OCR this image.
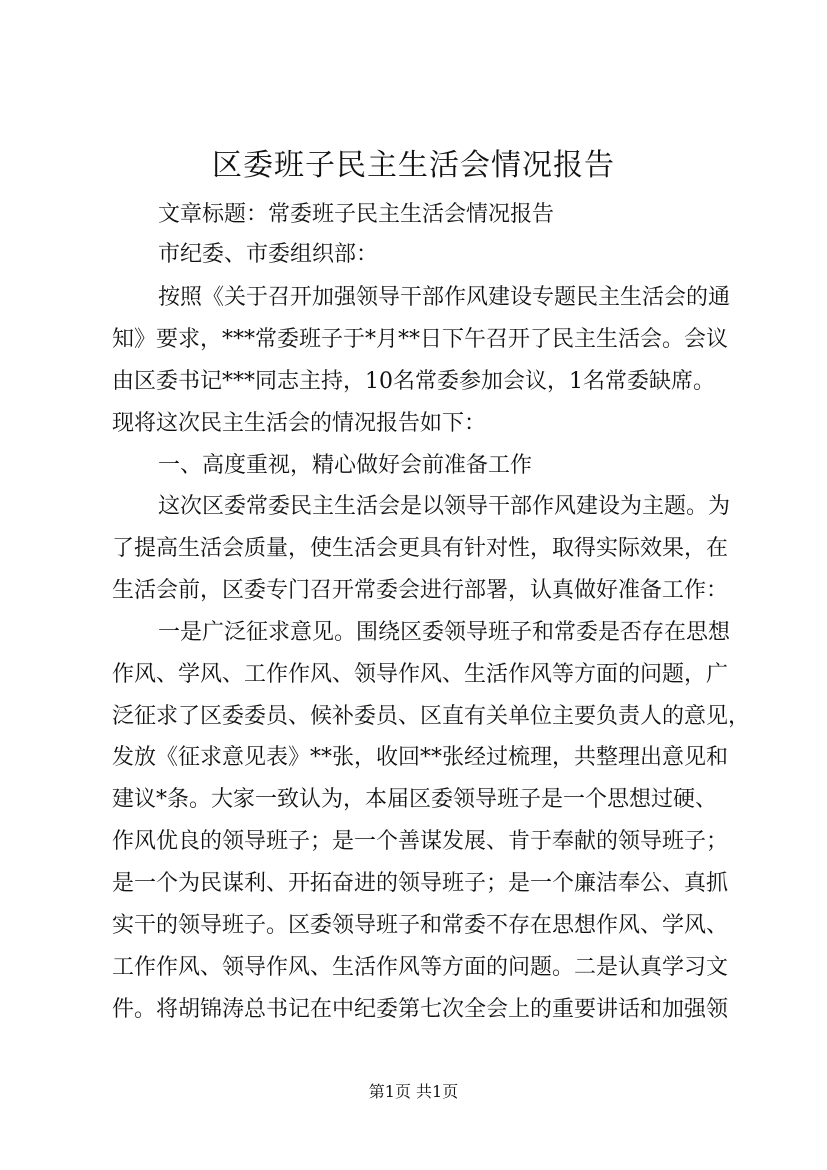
区委班子民主生活会情况报告
文章标题：常委班子民主生活会情况报告
市纪委、市委组织部：
按照《关于召开加强领导干部作风建设专题民主生活会的通
知》要求，***常委班子于*月**日下午召开了民主生活会。会议
由区委书记***同志主持，10名常委参加会议，1名常委缺席。
现将这次民主生活会的情况报告如下：
一、高度重视，精心做好会前准备工作
这次区委常委民主生活会是以领导干部作风建设为主题。为
了提高生活会质量，使生活会更具有针对性，取得实际效果，在
生活会前，区委专门召开常委会进行部署，认真做好准备工作：
一是广泛征求意见。围绕区委领导班子和常委是否存在思想
作风、学风、工作作风、领导作风、生活作风等方面的问题，广
泛征求了区委委员、候补委员、区直有关单位主要负责人的意见，
发放《征求意见表》**张，收回**张经过梳理，共整理出意见和
建议*条。大家一致认为，本届区委领导班子是一个思想过硬、
作风优良的领导班子；是一个善谋发展、肯于奉献的领导班子；
是一个为民谋利、开拓奋进的领导班子；是一个廉洁奉公、真抓
实干的领导班子。区委领导班子和常委不存在思想作风、学风、
工作作风、领导作风、生活作风等方面的问题。二是认真学习文
件。将胡锦涛总书记在中纪委第七次全会上的重要讲话和加强领
第1页 共1页
